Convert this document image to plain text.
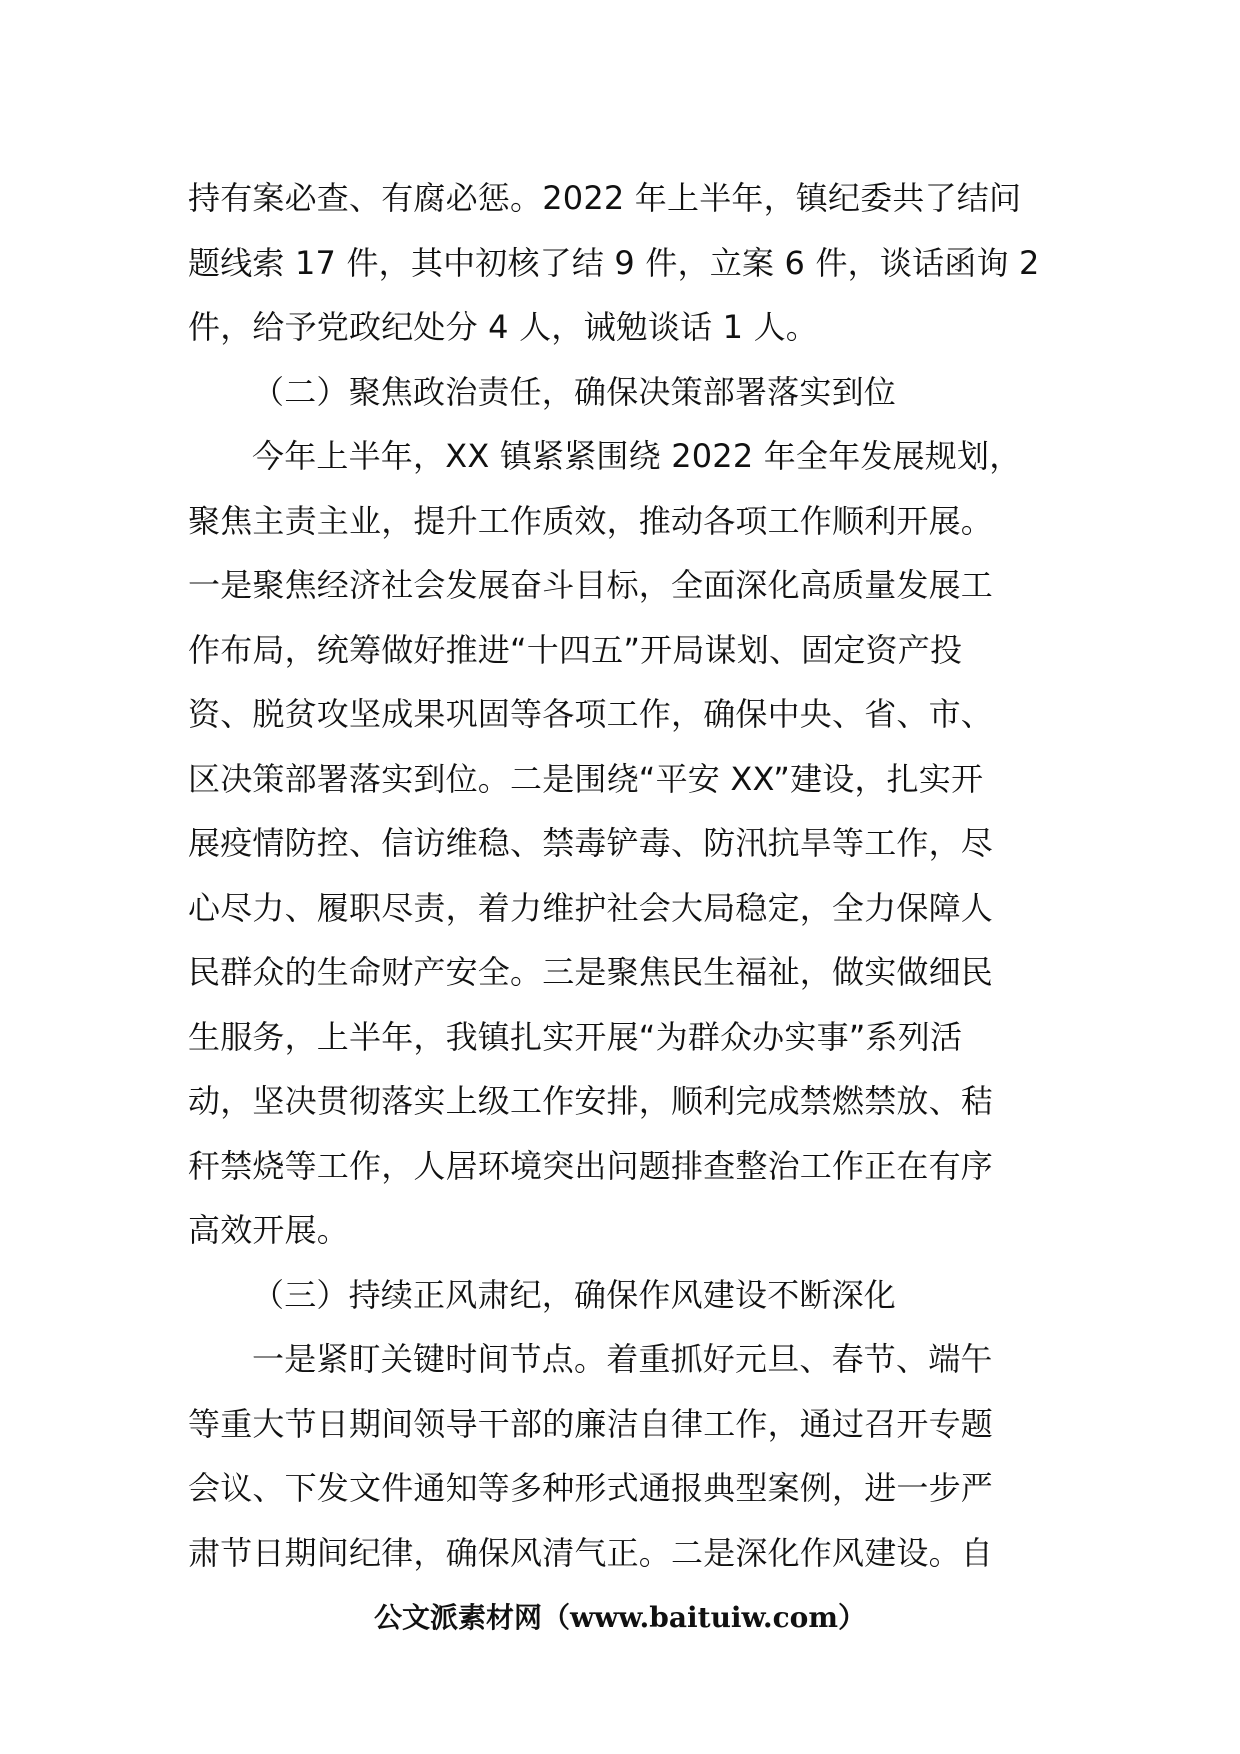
持有案必查、有腐必惩。2022 年上半年，镇纪委共了结问
题线索 17 件，其中初核了结 9 件，立案 6 件，谈话函询 2
件，给予党政纪处分 4 人，诫勉谈话 1 人。
（二）聚焦政治责任，确保决策部署落实到位
今年上半年，XX 镇紧紧围绕 2022 年全年发展规划，
聚焦主责主业，提升工作质效，推动各项工作顺利开展。
一是聚焦经济社会发展奋斗目标，全面深化高质量发展工
作布局，统筹做好推进“十四五”开局谋划、固定资产投
资、脱贫攻坚成果巩固等各项工作，确保中央、省、市、
区决策部署落实到位。二是围绕“平安 XX”建设，扎实开
展疫情防控、信访维稳、禁毒铲毒、防汛抗旱等工作，尽
心尽力、履职尽责，着力维护社会大局稳定，全力保障人
民群众的生命财产安全。三是聚焦民生福祉，做实做细民
生服务，上半年，我镇扎实开展“为群众办实事”系列活
动，坚决贯彻落实上级工作安排，顺利完成禁燃禁放、秸
秆禁烧等工作，人居环境突出问题排查整治工作正在有序
高效开展。
（三）持续正风肃纪，确保作风建设不断深化
一是紧盯关键时间节点。着重抓好元旦、春节、端午
等重大节日期间领导干部的廉洁自律工作，通过召开专题
会议、下发文件通知等多种形式通报典型案例，进一步严
肃节日期间纪律，确保风清气正。二是深化作风建设。自
公文派素材网（www.baituiw.com）
